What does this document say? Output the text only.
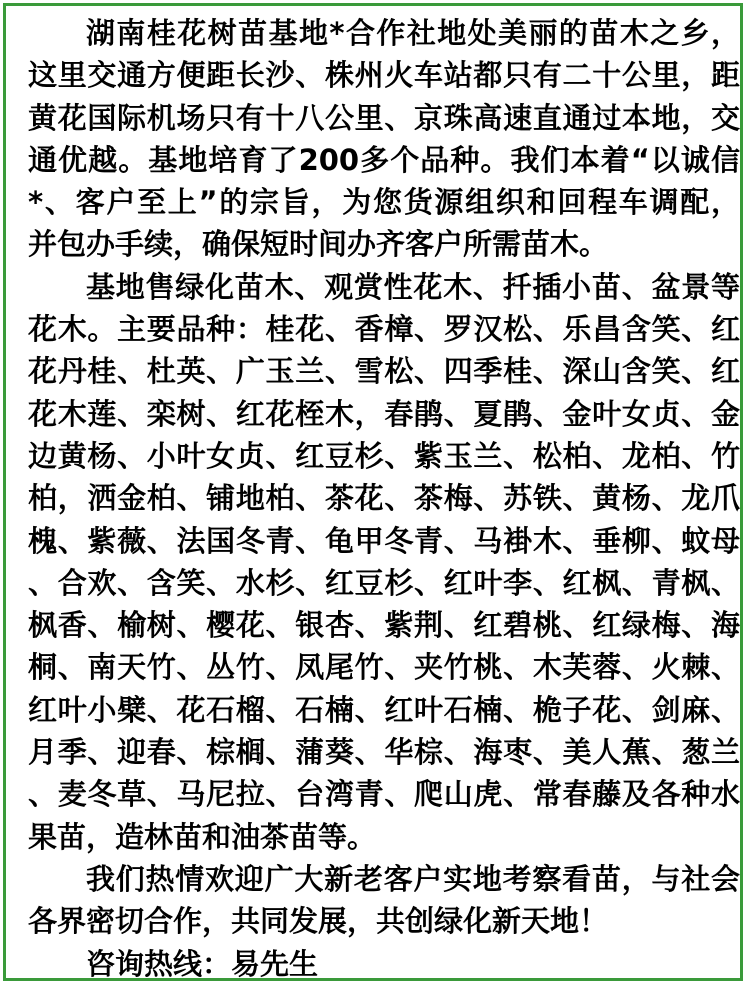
湖南桂花树苗基地*合作社地处美丽的苗木之乡，
这里交通方便距长沙、株州火车站都只有二十公里，距
黄花国际机场只有十八公里、京珠高速直通过本地，交
通优越。基地培育了200多个品种。我们本着“以诚信
*、客户至上”的宗旨，为您货源组织和回程车调配，
并包办手续，确保短时间办齐客户所需苗木。
基地售绿化苗木、观赏性花木、扦插小苗、盆景等
花木。主要品种：桂花、香樟、罗汉松、乐昌含笑、红
花丹桂、杜英、广玉兰、雪松、四季桂、深山含笑、红
花木莲、栾树、红花桎木，春鹃、夏鹃、金叶女贞、金
边黄杨、小叶女贞、红豆杉、紫玉兰、松柏、龙柏、竹
柏，洒金柏、铺地柏、茶花、茶梅、苏铁、黄杨、龙爪
槐、紫薇、法国冬青、龟甲冬青、马褂木、垂柳、蚊母
、合欢、含笑、水杉、红豆杉、红叶李、红枫、青枫、
枫香、榆树、樱花、银杏、紫荆、红碧桃、红绿梅、海
桐、南天竹、丛竹、凤尾竹、夹竹桃、木芙蓉、火棘、
红叶小檗、花石榴、石楠、红叶石楠、桅子花、剑麻、
月季、迎春、棕榈、蒲葵、华棕、海枣、美人蕉、葱兰
、麦冬草、马尼拉、台湾青、爬山虎、常春藤及各种水
果苗，造林苗和油茶苗等。
我们热情欢迎广大新老客户实地考察看苗，与社会
各界密切合作，共同发展，共创绿化新天地！
咨询热线：易先生
